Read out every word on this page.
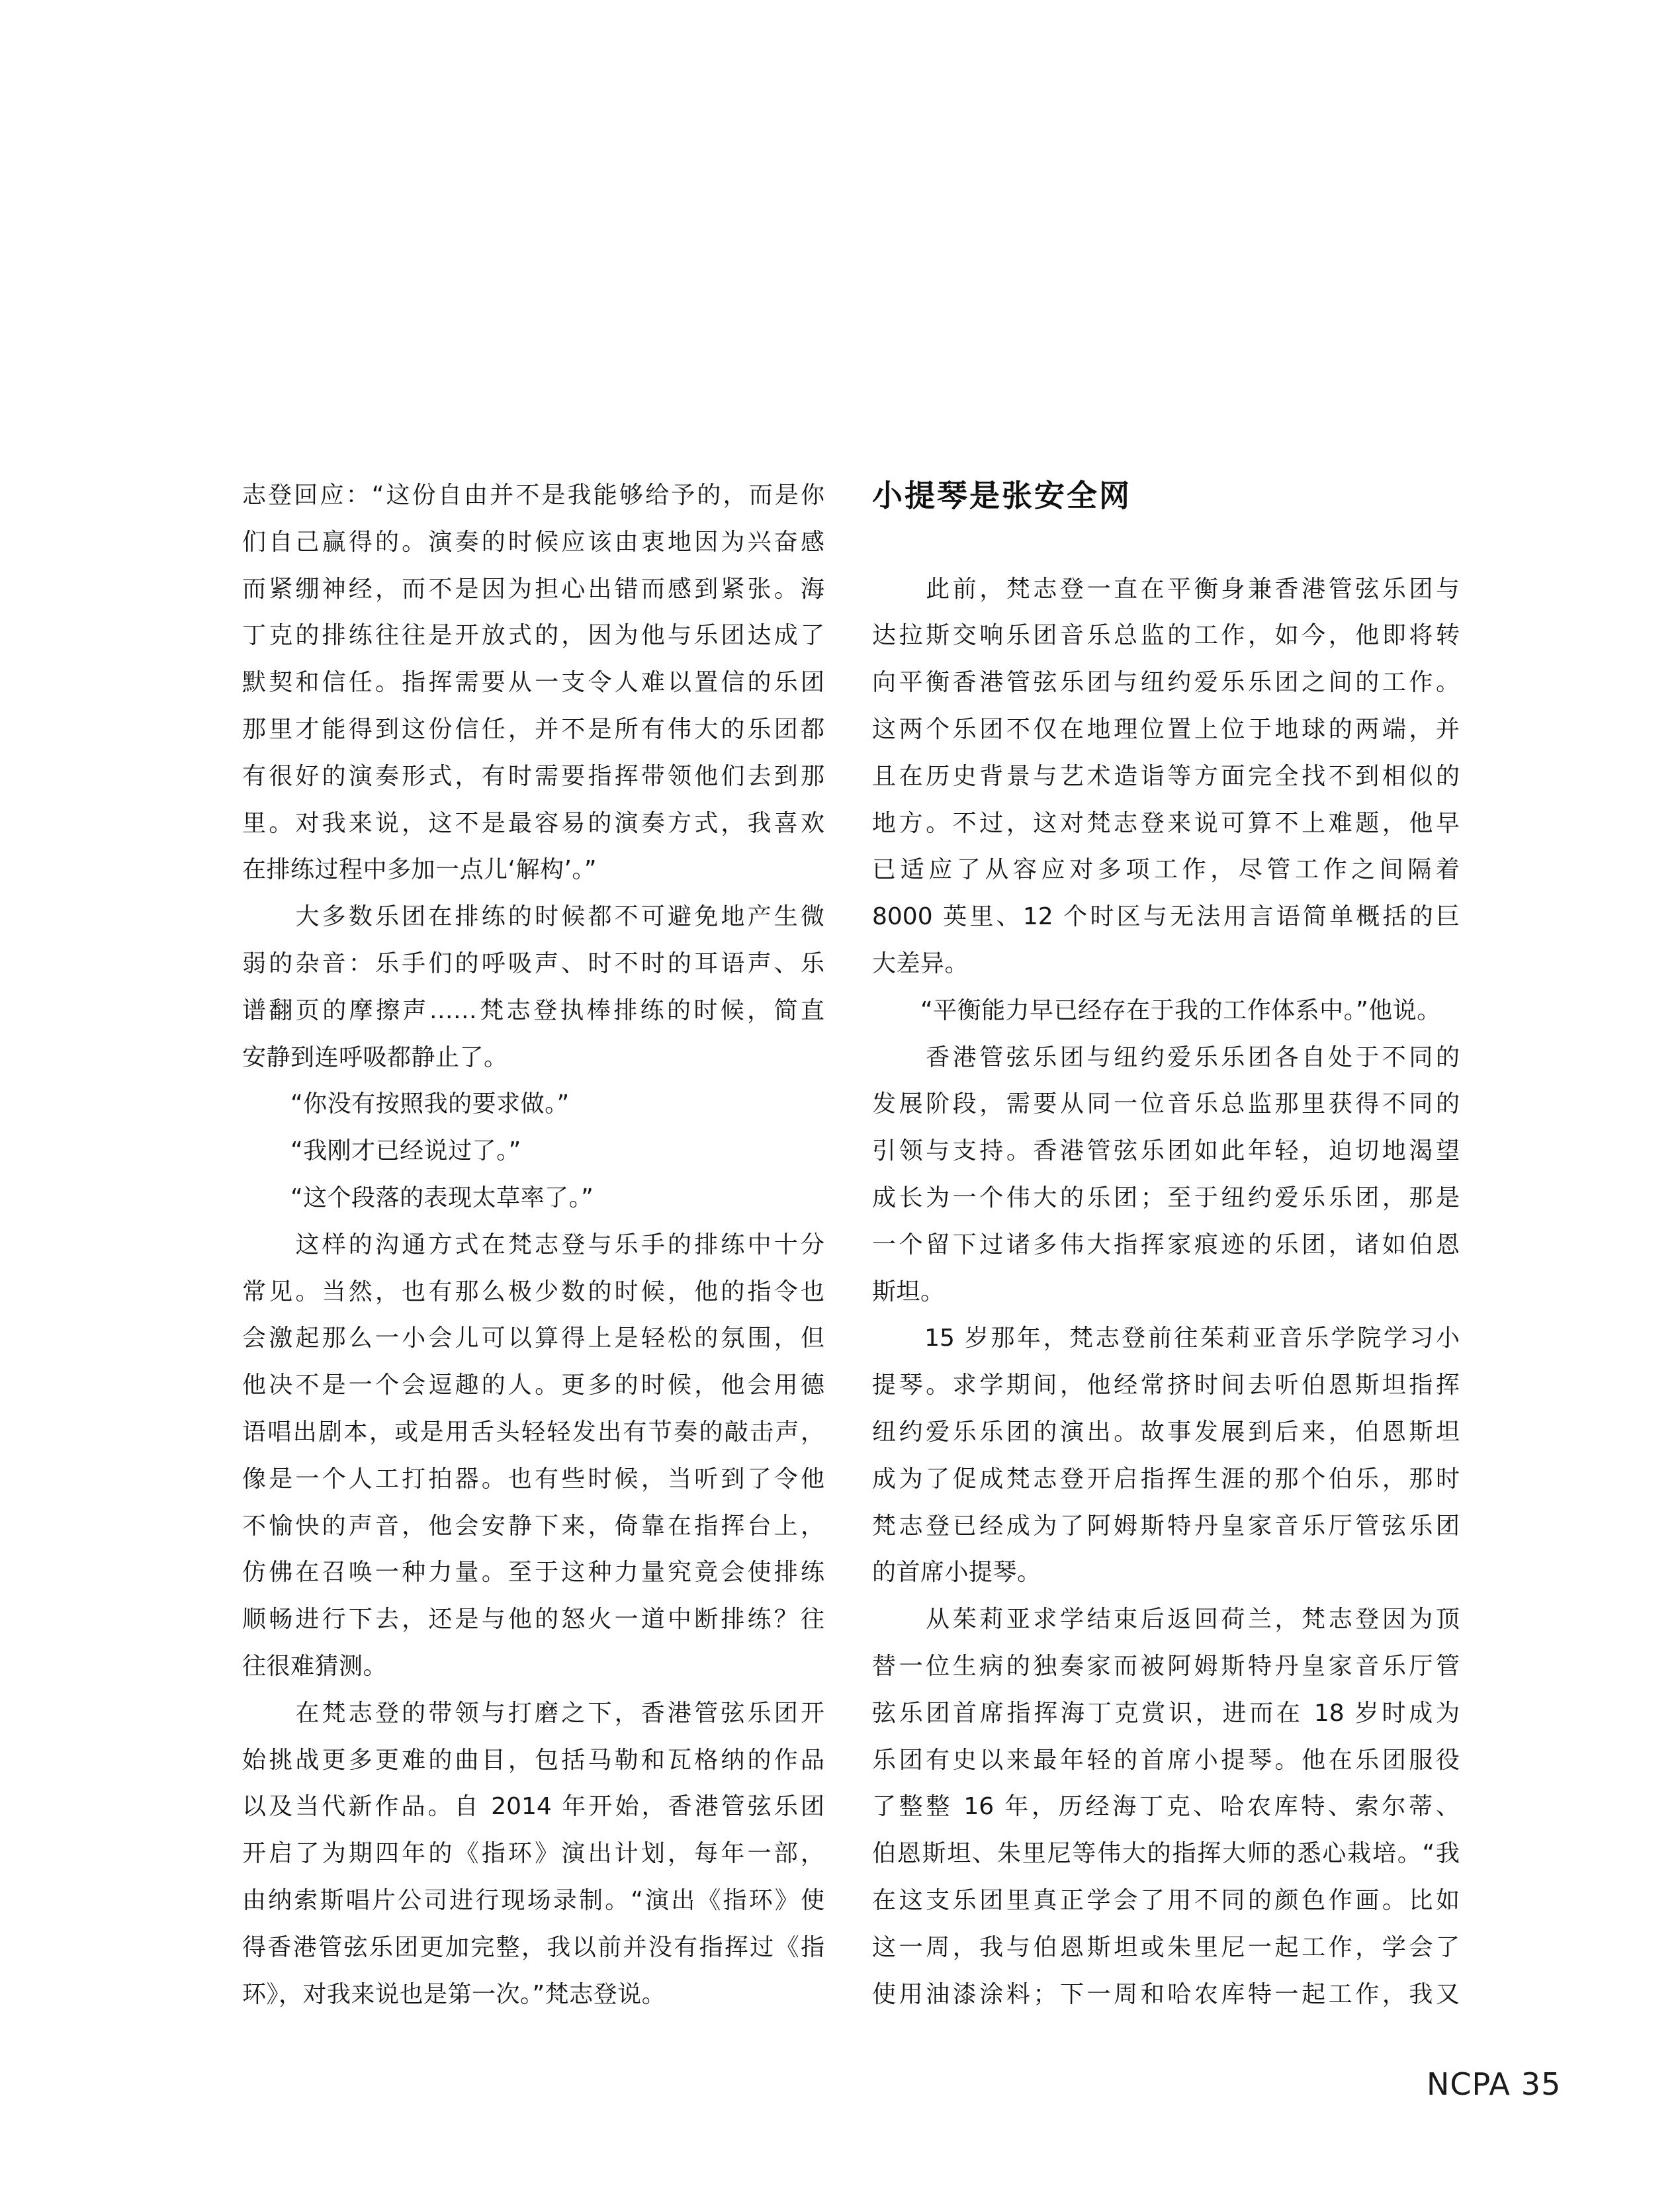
志登回应：“这份自由并不是我能够给予的，而是你
们自己赢得的。演奏的时候应该由衷地因为兴奋感
而紧绷神经，而不是因为担心出错而感到紧张。海
丁克的排练往往是开放式的，因为他与乐团达成了
默契和信任。指挥需要从一支令人难以置信的乐团
那里才能得到这份信任，并不是所有伟大的乐团都
有很好的演奏形式，有时需要指挥带领他们去到那
里。对我来说，这不是最容易的演奏方式，我喜欢
在排练过程中多加一点儿‘解构’。”
　　大多数乐团在排练的时候都不可避免地产生微
弱的杂音：乐手们的呼吸声、时不时的耳语声、乐
谱翻页的摩擦声……梵志登执棒排练的时候，简直
安静到连呼吸都静止了。
　　“你没有按照我的要求做。”
　　“我刚才已经说过了。”
　　“这个段落的表现太草率了。”
　　这样的沟通方式在梵志登与乐手的排练中十分
常见。当然，也有那么极少数的时候，他的指令也
会激起那么一小会儿可以算得上是轻松的氛围，但
他决不是一个会逗趣的人。更多的时候，他会用德
语唱出剧本，或是用舌头轻轻发出有节奏的敲击声，
像是一个人工打拍器。也有些时候，当听到了令他
不愉快的声音，他会安静下来，倚靠在指挥台上，
仿佛在召唤一种力量。至于这种力量究竟会使排练
顺畅进行下去，还是与他的怒火一道中断排练？往
往很难猜测。
　　在梵志登的带领与打磨之下，香港管弦乐团开
始挑战更多更难的曲目，包括马勒和瓦格纳的作品
以及当代新作品。自 2014 年开始，香港管弦乐团
开启了为期四年的《指环》演出计划，每年一部，
由纳索斯唱片公司进行现场录制。“演出《指环》使
得香港管弦乐团更加完整，我以前并没有指挥过《指
环》，对我来说也是第一次。”梵志登说。
小提琴是张安全网
　　此前，梵志登一直在平衡身兼香港管弦乐团与
达拉斯交响乐团音乐总监的工作，如今，他即将转
向平衡香港管弦乐团与纽约爱乐乐团之间的工作。
这两个乐团不仅在地理位置上位于地球的两端，并
且在历史背景与艺术造诣等方面完全找不到相似的
地方。不过，这对梵志登来说可算不上难题，他早
已适应了从容应对多项工作，尽管工作之间隔着
8000 英里、12 个时区与无法用言语简单概括的巨
大差异。
　　“平衡能力早已经存在于我的工作体系中。”他说。
　　香港管弦乐团与纽约爱乐乐团各自处于不同的
发展阶段，需要从同一位音乐总监那里获得不同的
引领与支持。香港管弦乐团如此年轻，迫切地渴望
成长为一个伟大的乐团；至于纽约爱乐乐团，那是
一个留下过诸多伟大指挥家痕迹的乐团，诸如伯恩
斯坦。
　　15 岁那年，梵志登前往茱莉亚音乐学院学习小
提琴。求学期间，他经常挤时间去听伯恩斯坦指挥
纽约爱乐乐团的演出。故事发展到后来，伯恩斯坦
成为了促成梵志登开启指挥生涯的那个伯乐，那时
梵志登已经成为了阿姆斯特丹皇家音乐厅管弦乐团
的首席小提琴。
　　从茱莉亚求学结束后返回荷兰，梵志登因为顶
替一位生病的独奏家而被阿姆斯特丹皇家音乐厅管
弦乐团首席指挥海丁克赏识，进而在 18 岁时成为
乐团有史以来最年轻的首席小提琴。他在乐团服役
了整整 16 年，历经海丁克、哈农库特、索尔蒂、
伯恩斯坦、朱里尼等伟大的指挥大师的悉心栽培。“我
在这支乐团里真正学会了用不同的颜色作画。比如
这一周，我与伯恩斯坦或朱里尼一起工作，学会了
使用油漆涂料；下一周和哈农库特一起工作，我又
NCPA 35
